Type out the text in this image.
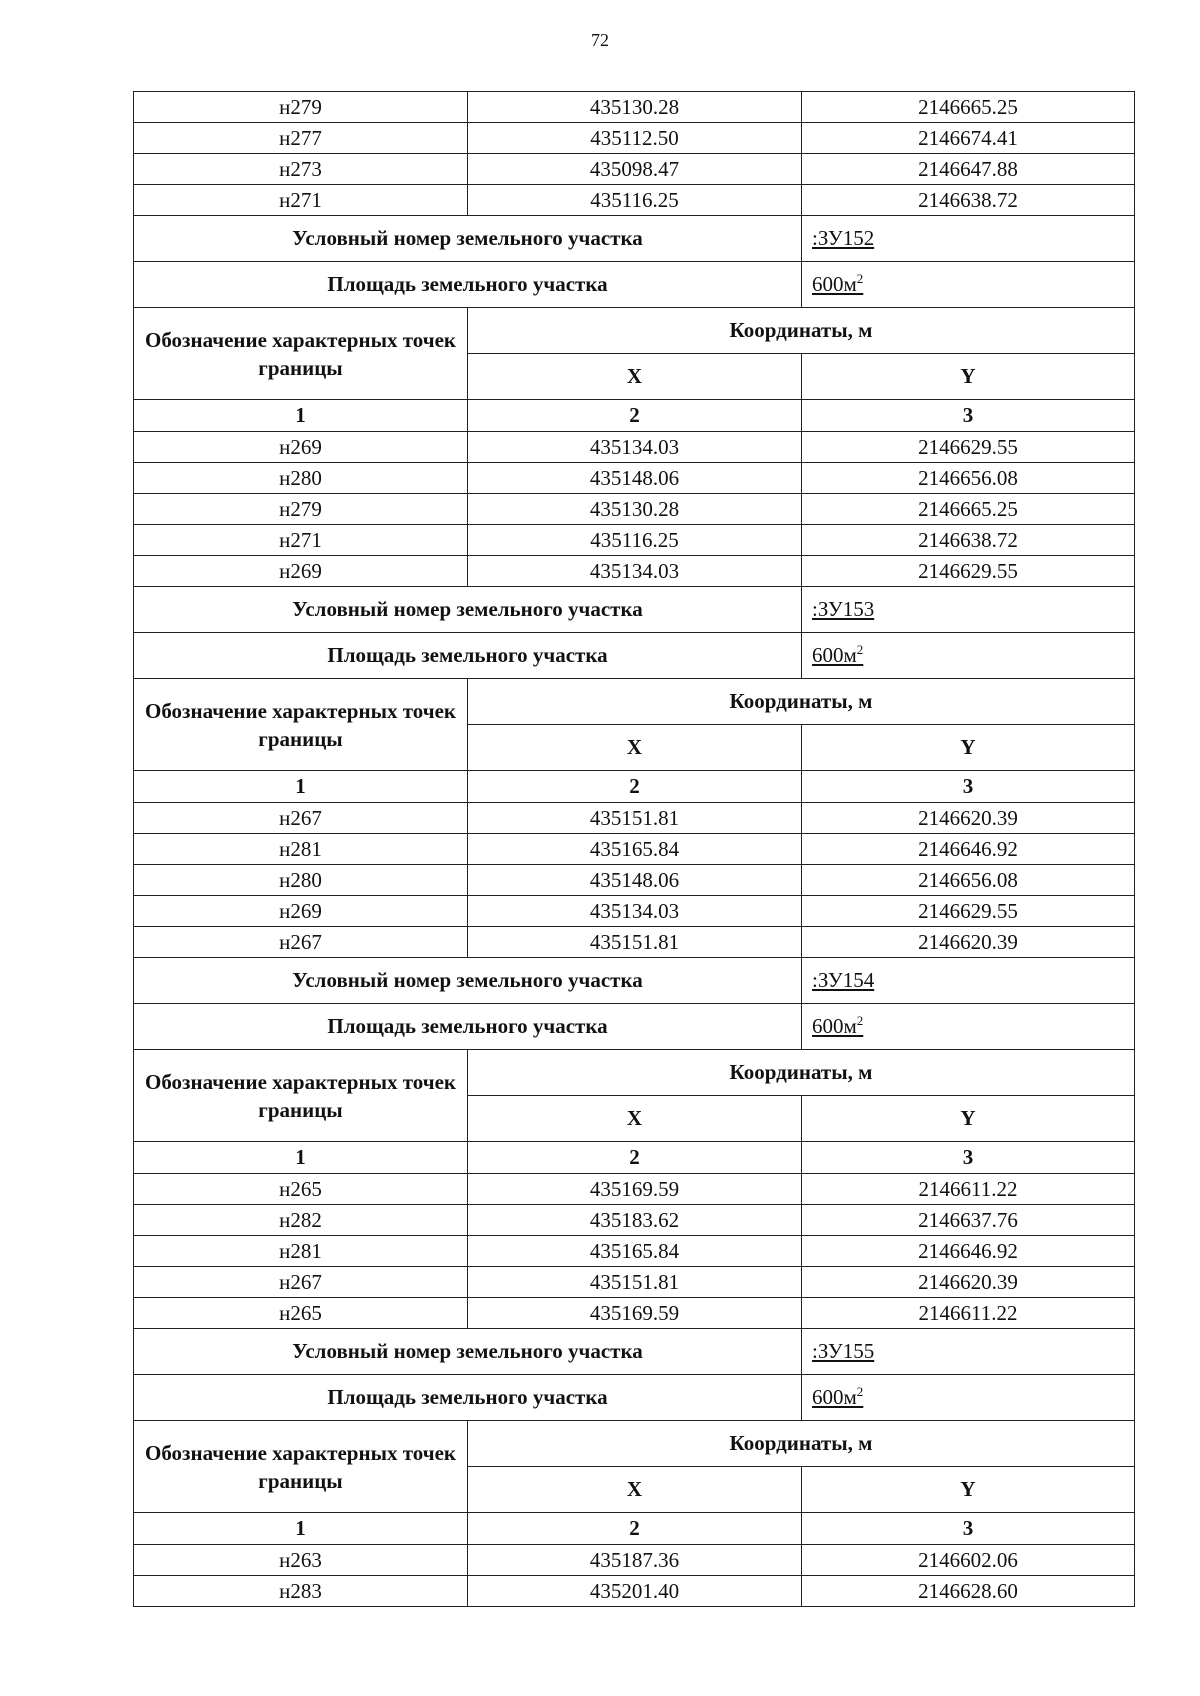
72
н279	435130.28	2146665.25
н277	435112.50	2146674.41
н273	435098.47	2146647.88
н271	435116.25	2146638.72
Условный номер земельного участка		:ЗУ152
Площадь земельного участка		$600м^2$
Обозначение характерных точек границы	Координаты, м	
	X	Y
1	2	3
н269	435134.03	2146629.55
н280	435148.06	2146656.08
н279	435130.28	2146665.25
н271	435116.25	2146638.72
н269	435134.03	2146629.55
Условный номер земельного участка		:ЗУ153
Площадь земельного участка		$600м^2$
Обозначение характерных точек границы	Координаты, м	
	X	Y
1	2	3
н267	435151.81	2146620.39
н281	435165.84	2146646.92
н280	435148.06	2146656.08
н269	435134.03	2146629.55
н267	435151.81	2146620.39
Условный номер земельного участка		:ЗУ154
Площадь земельного участка		$600м^2$
Обозначение характерных точек границы	Координаты, м	
	X	Y
1	2	3
н265	435169.59	2146611.22
н282	435183.62	2146637.76
н281	435165.84	2146646.92
н267	435151.81	2146620.39
н265	435169.59	2146611.22
Условный номер земельного участка		:ЗУ155
Площадь земельного участка		$600м^2$
Обозначение характерных точек границы	Координаты, м	
	X	Y
1	2	3
н263	435187.36	2146602.06
н283	435201.40	2146628.60
